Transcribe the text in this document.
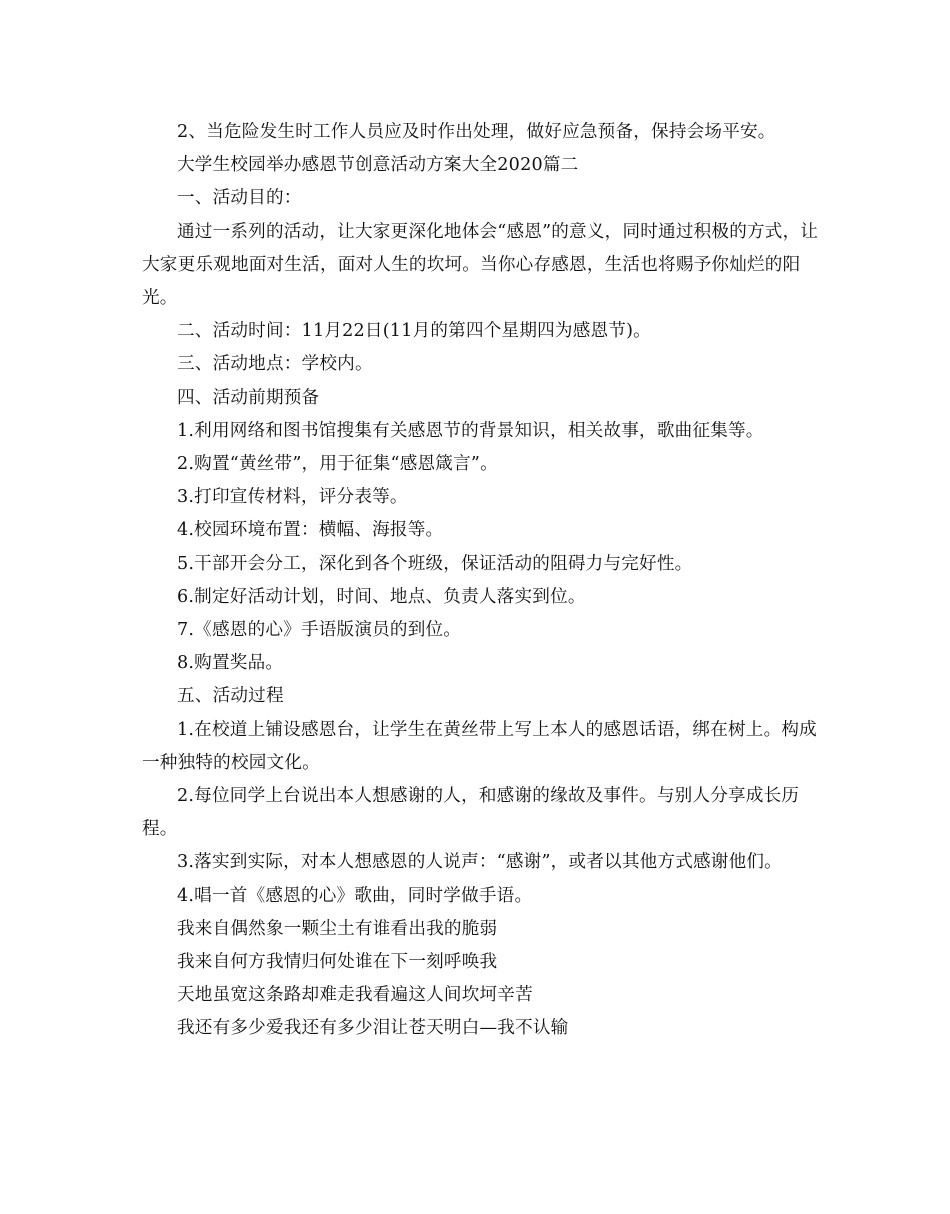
2、当危险发生时工作人员应及时作出处理，做好应急预备，保持会场平安。

大学生校园举办感恩节创意活动方案大全2020篇二

一、活动目的：

通过一系列的活动，让大家更深化地体会“感恩”的意义，同时通过积极的方式，让大家更乐观地面对生活，面对人生的坎坷。当你心存感恩，生活也将赐予你灿烂的阳光。

二、活动时间：11月22日(11月的第四个星期四为感恩节)。

三、活动地点：学校内。

四、活动前期预备

1.利用网络和图书馆搜集有关感恩节的背景知识，相关故事，歌曲征集等。

2.购置“黄丝带”，用于征集“感恩箴言”。

3.打印宣传材料，评分表等。

4.校园环境布置：横幅、海报等。

5.干部开会分工，深化到各个班级，保证活动的阻碍力与完好性。

6.制定好活动计划，时间、地点、负责人落实到位。

7.《感恩的心》手语版演员的到位。

8.购置奖品。

五、活动过程

1.在校道上铺设感恩台，让学生在黄丝带上写上本人的感恩话语，绑在树上。构成一种独特的校园文化。

2.每位同学上台说出本人想感谢的人，和感谢的缘故及事件。与别人分享成长历程。

3.落实到实际，对本人想感恩的人说声：“感谢”，或者以其他方式感谢他们。

4.唱一首《感恩的心》歌曲，同时学做手语。

我来自偶然象一颗尘土有谁看出我的脆弱

我来自何方我情归何处谁在下一刻呼唤我

天地虽宽这条路却难走我看遍这人间坎坷辛苦

我还有多少爱我还有多少泪让苍天明白—我不认输
